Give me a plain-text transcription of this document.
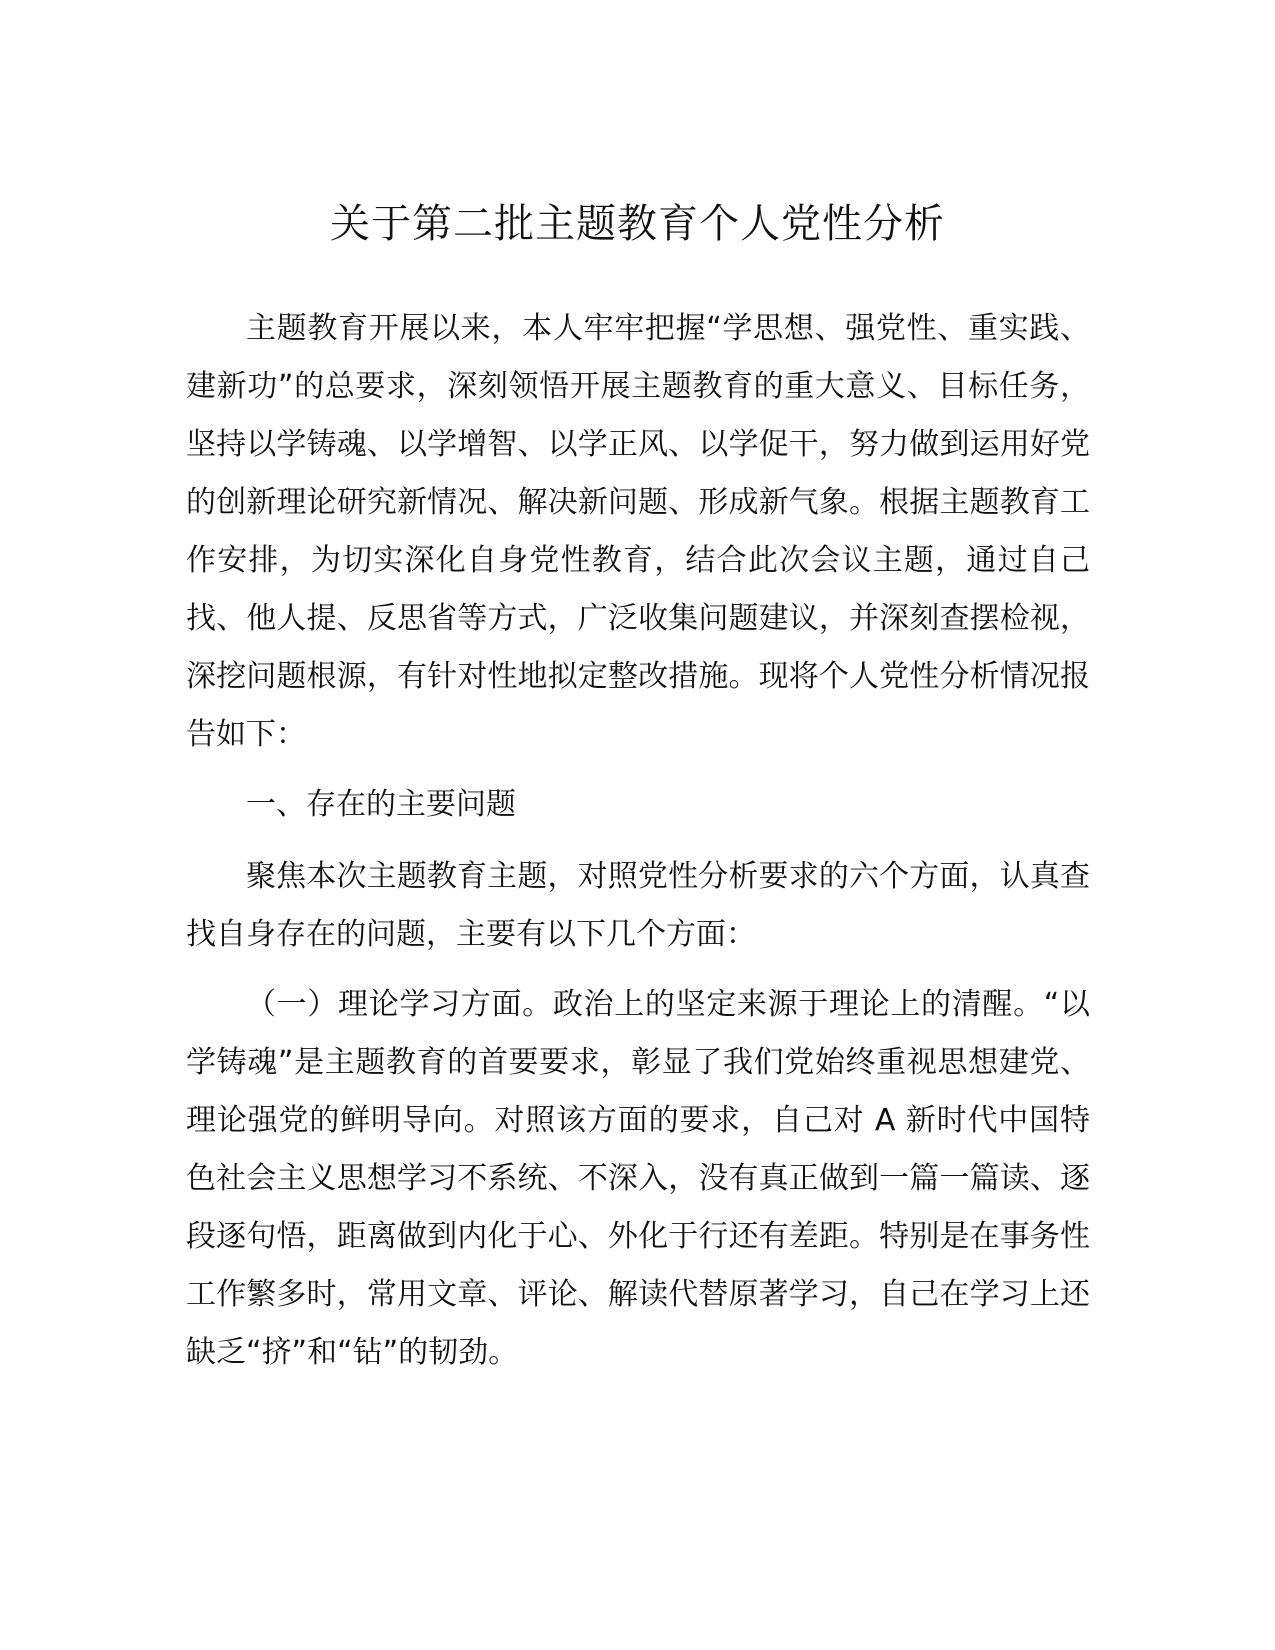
关于第二批主题教育个人党性分析

主题教育开展以来，本人牢牢把握“学思想、强党性、重实践、建新功”的总要求，深刻领悟开展主题教育的重大意义、目标任务，坚持以学铸魂、以学增智、以学正风、以学促干，努力做到运用好党的创新理论研究新情况、解决新问题、形成新气象。根据主题教育工作安排，为切实深化自身党性教育，结合此次会议主题，通过自己找、他人提、反思省等方式，广泛收集问题建议，并深刻查摆检视，深挖问题根源，有针对性地拟定整改措施。现将个人党性分析情况报告如下：

一、存在的主要问题

聚焦本次主题教育主题，对照党性分析要求的六个方面，认真查找自身存在的问题，主要有以下几个方面：

（一）理论学习方面。政治上的坚定来源于理论上的清醒。“以学铸魂”是主题教育的首要要求，彰显了我们党始终重视思想建党、理论强党的鲜明导向。对照该方面的要求，自己对 A 新时代中国特色社会主义思想学习不系统、不深入，没有真正做到一篇一篇读、逐段逐句悟，距离做到内化于心、外化于行还有差距。特别是在事务性工作繁多时，常用文章、评论、解读代替原著学习，自己在学习上还缺乏“挤”和“钻”的韧劲。
